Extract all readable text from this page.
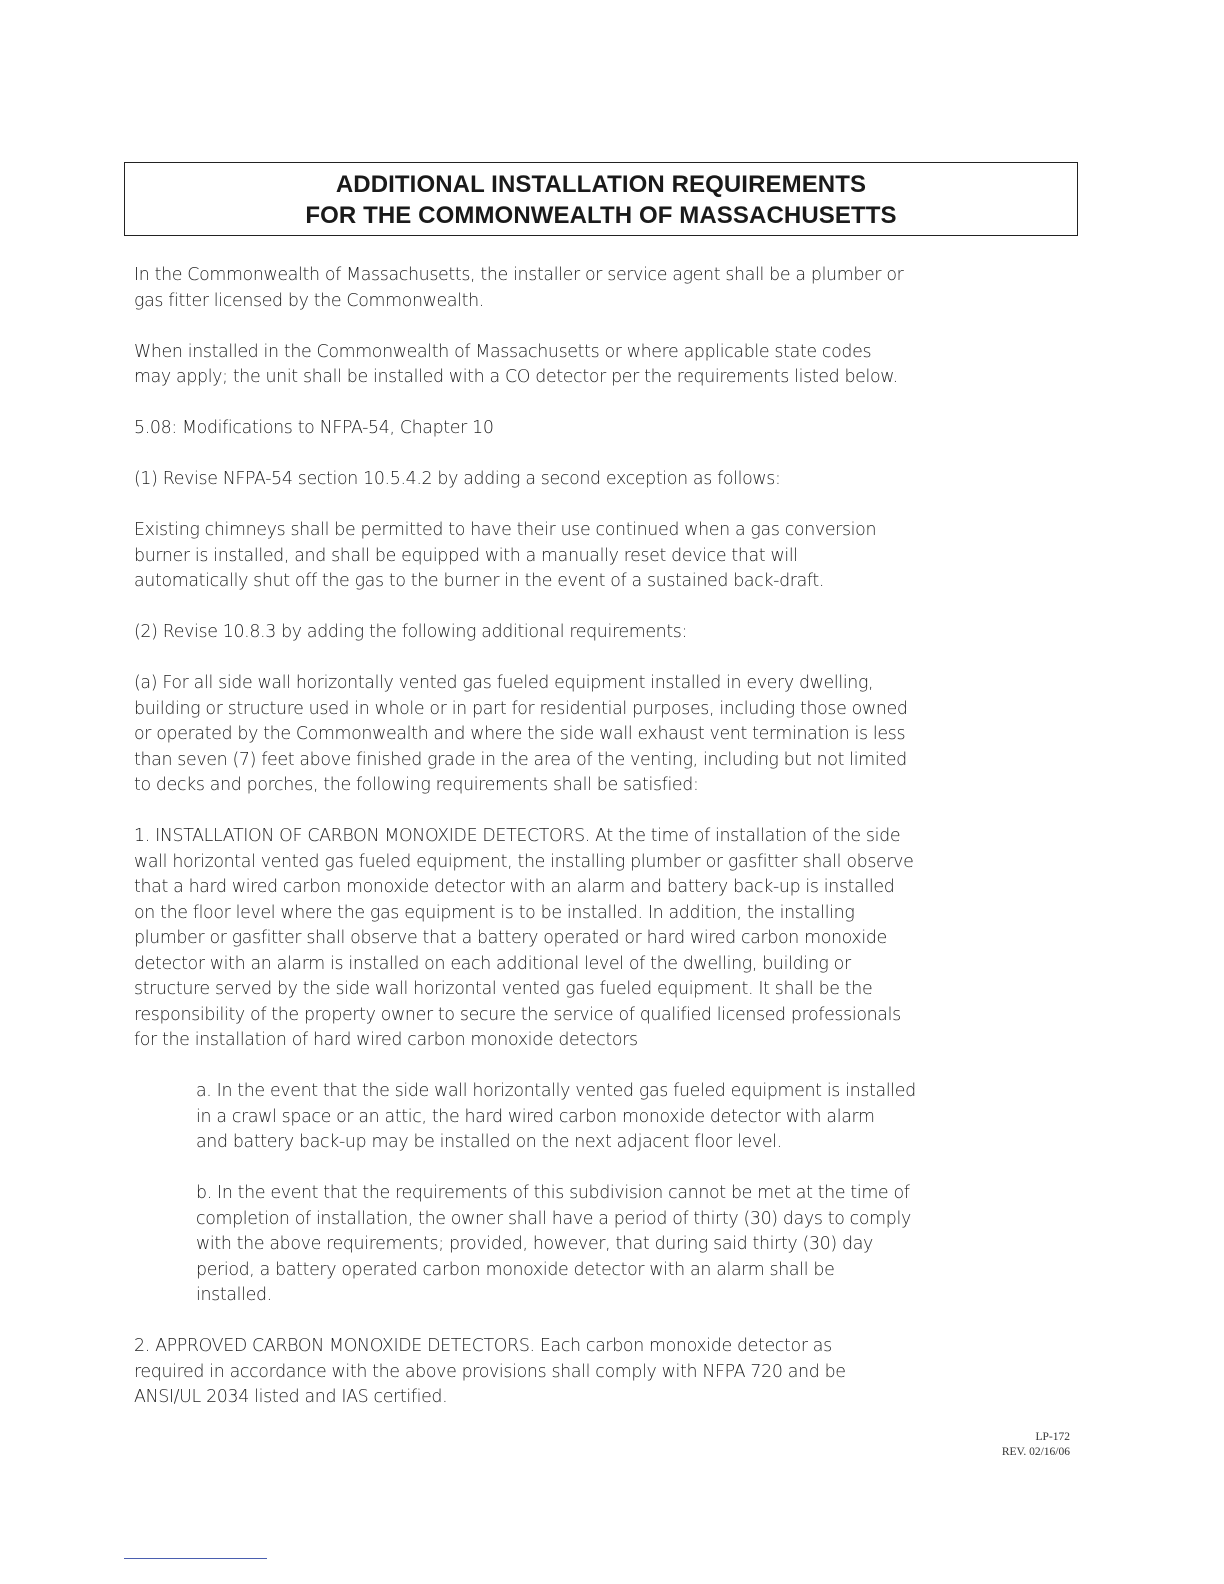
ADDITIONAL INSTALLATION REQUIREMENTS
FOR THE COMMONWEALTH OF MASSACHUSETTS

In the Commonwealth of Massachusetts, the installer or service agent shall be a plumber or
gas fitter licensed by the Commonwealth.

When installed in the Commonwealth of Massachusetts or where applicable state codes
may apply; the unit shall be installed with a CO detector per the requirements listed below.

5.08: Modifications to NFPA-54, Chapter 10

(1) Revise NFPA-54 section 10.5.4.2 by adding a second exception as follows:

Existing chimneys shall be permitted to have their use continued when a gas conversion
burner is installed, and shall be equipped with a manually reset device that will
automatically shut off the gas to the burner in the event of a sustained back-draft.

(2) Revise 10.8.3 by adding the following additional requirements:

(a) For all side wall horizontally vented gas fueled equipment installed in every dwelling,
building or structure used in whole or in part for residential purposes, including those owned
or operated by the Commonwealth and where the side wall exhaust vent termination is less
than seven (7) feet above finished grade in the area of the venting, including but not limited
to decks and porches, the following requirements shall be satisfied:

1. INSTALLATION OF CARBON MONOXIDE DETECTORS. At the time of installation of the side
wall horizontal vented gas fueled equipment, the installing plumber or gasfitter shall observe
that a hard wired carbon monoxide detector with an alarm and battery back-up is installed
on the floor level where the gas equipment is to be installed. In addition, the installing
plumber or gasfitter shall observe that a battery operated or hard wired carbon monoxide
detector with an alarm is installed on each additional level of the dwelling, building or
structure served by the side wall horizontal vented gas fueled equipment. It shall be the
responsibility of the property owner to secure the service of qualified licensed professionals
for the installation of hard wired carbon monoxide detectors

a. In the event that the side wall horizontally vented gas fueled equipment is installed
in a crawl space or an attic, the hard wired carbon monoxide detector with alarm
and battery back-up may be installed on the next adjacent floor level.

b. In the event that the requirements of this subdivision cannot be met at the time of
completion of installation, the owner shall have a period of thirty (30) days to comply
with the above requirements; provided, however, that during said thirty (30) day
period, a battery operated carbon monoxide detector with an alarm shall be
installed.

2. APPROVED CARBON MONOXIDE DETECTORS. Each carbon monoxide detector as
required in accordance with the above provisions shall comply with NFPA 720 and be
ANSI/UL 2034 listed and IAS certified.

LP-172
REV. 02/16/06
